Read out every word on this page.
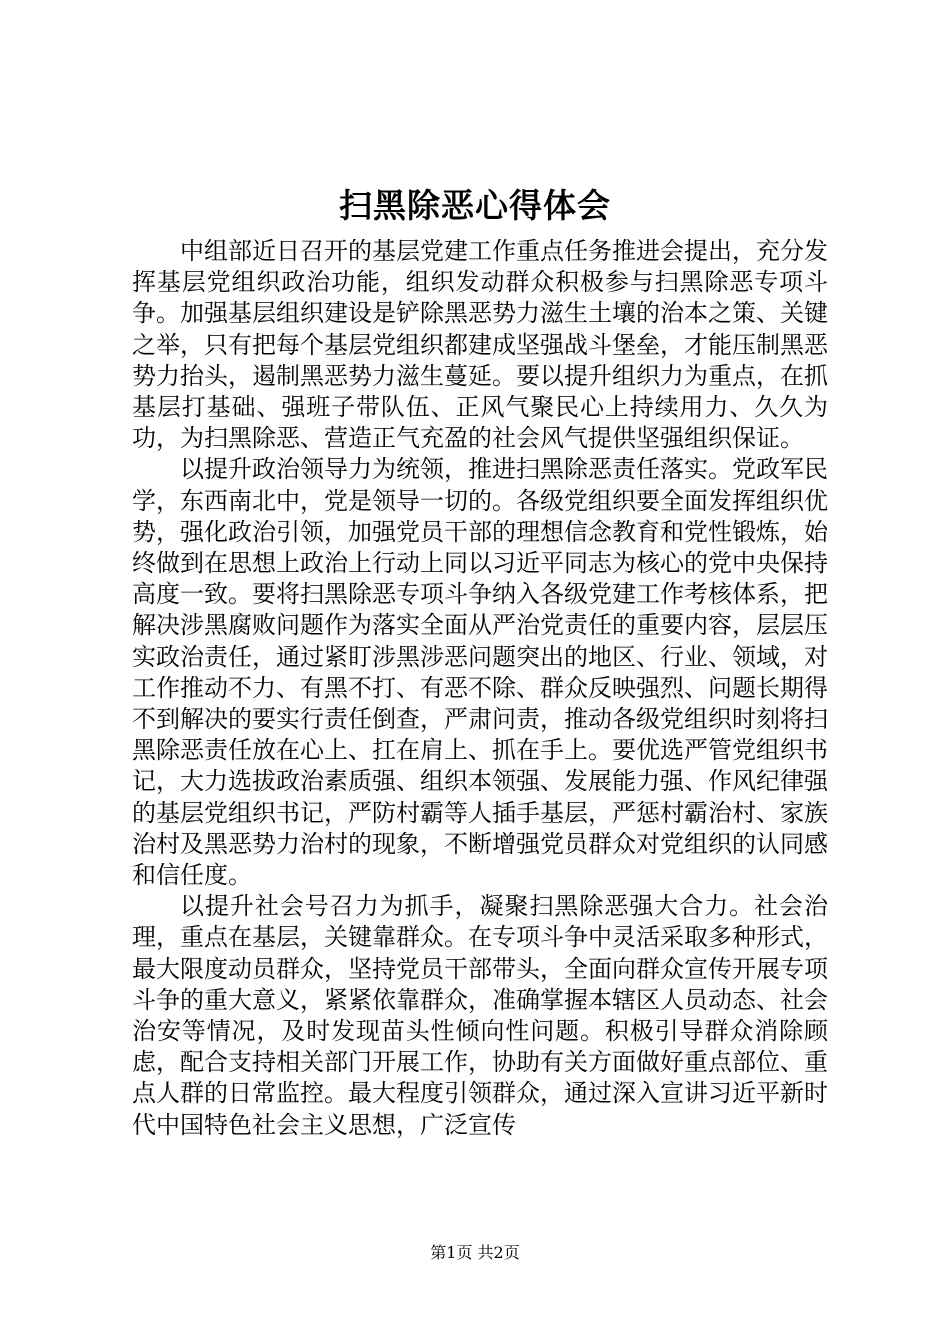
扫黑除恶心得体会

中组部近日召开的基层党建工作重点任务推进会提出，充分发挥基层党组织政治功能，组织发动群众积极参与扫黑除恶专项斗争。加强基层组织建设是铲除黑恶势力滋生土壤的治本之策、关键之举，只有把每个基层党组织都建成坚强战斗堡垒，才能压制黑恶势力抬头，遏制黑恶势力滋生蔓延。要以提升组织力为重点，在抓基层打基础、强班子带队伍、正风气聚民心上持续用力、久久为功，为扫黑除恶、营造正气充盈的社会风气提供坚强组织保证。

以提升政治领导力为统领，推进扫黑除恶责任落实。党政军民学，东西南北中，党是领导一切的。各级党组织要全面发挥组织优势，强化政治引领，加强党员干部的理想信念教育和党性锻炼，始终做到在思想上政治上行动上同以习近平同志为核心的党中央保持高度一致。要将扫黑除恶专项斗争纳入各级党建工作考核体系，把解决涉黑腐败问题作为落实全面从严治党责任的重要内容，层层压实政治责任，通过紧盯涉黑涉恶问题突出的地区、行业、领域，对工作推动不力、有黑不打、有恶不除、群众反映强烈、问题长期得不到解决的要实行责任倒查，严肃问责，推动各级党组织时刻将扫黑除恶责任放在心上、扛在肩上、抓在手上。要优选严管党组织书记，大力选拔政治素质强、组织本领强、发展能力强、作风纪律强的基层党组织书记，严防村霸等人插手基层，严惩村霸治村、家族治村及黑恶势力治村的现象，不断增强党员群众对党组织的认同感和信任度。

以提升社会号召力为抓手，凝聚扫黑除恶强大合力。社会治理，重点在基层，关键靠群众。在专项斗争中灵活采取多种形式，最大限度动员群众，坚持党员干部带头，全面向群众宣传开展专项斗争的重大意义，紧紧依靠群众，准确掌握本辖区人员动态、社会治安等情况，及时发现苗头性倾向性问题。积极引导群众消除顾虑，配合支持相关部门开展工作，协助有关方面做好重点部位、重点人群的日常监控。最大程度引领群众，通过深入宣讲习近平新时代中国特色社会主义思想，广泛宣传

第1页 共2页
